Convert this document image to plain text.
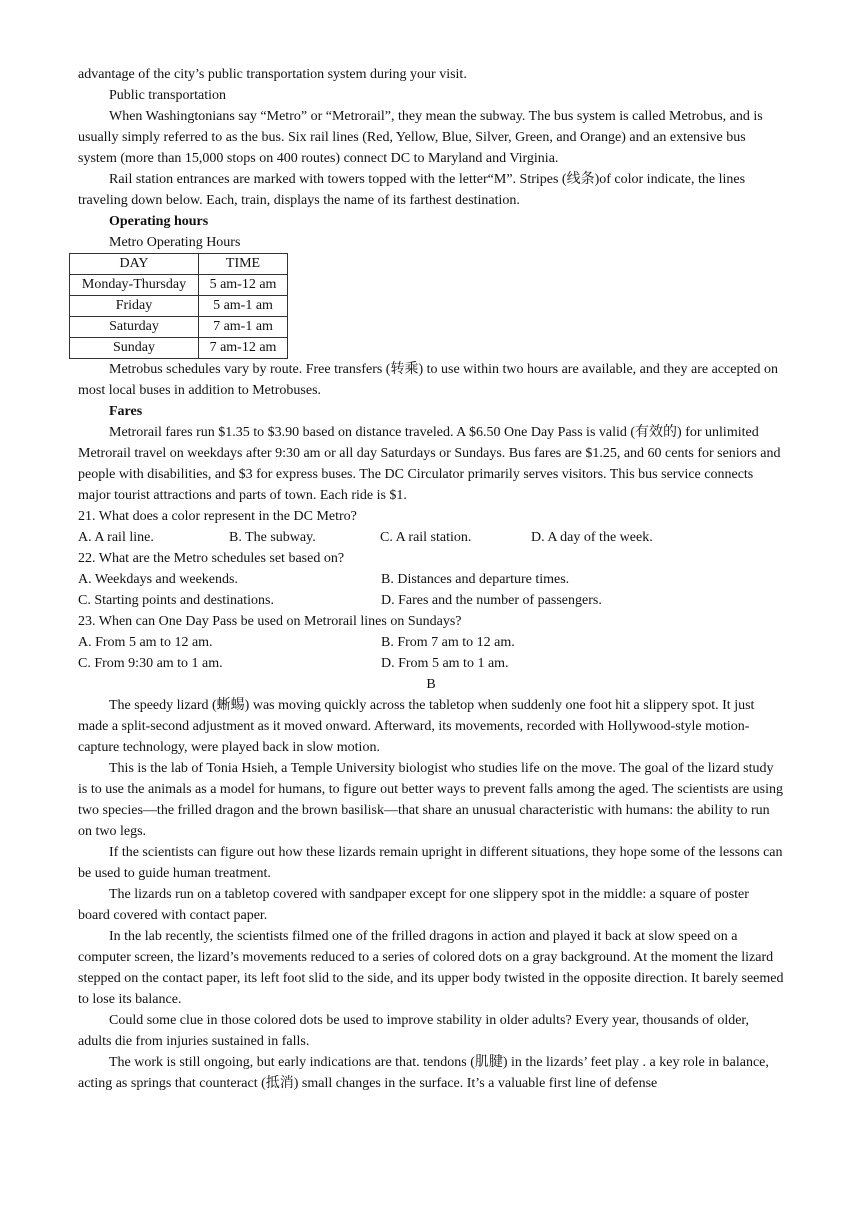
advantage of the city’s public transportation system during your visit.

Public transportation

When Washingtonians say “Metro” or “Metrorail”, they mean the subway. The bus system is called Metrobus, and is usually simply referred to as the bus. Six rail lines (Red, Yellow, Blue, Silver, Green, and Orange) and an extensive bus system (more than 15,000 stops on 400 routes) connect DC to Maryland and Virginia.

Rail station entrances are marked with towers topped with the letter“M”. Stripes (线条)of color indicate, the lines traveling down below. Each, train, displays the name of its farthest destination.

Operating hours

Metro Operating Hours

DAY	TIME
Monday-Thursday	5 am-12 am
Friday	5 am-1 am
Saturday	7 am-1 am
Sunday	7 am-12 am

Metrobus schedules vary by route. Free transfers (转乘) to use within two hours are available, and they are accepted on most local buses in addition to Metrobuses.

Fares

Metrorail fares run $1.35 to $3.90 based on distance traveled. A $6.50 One Day Pass is valid (有效的) for unlimited Metrorail travel on weekdays after 9:30 am or all day Saturdays or Sundays. Bus fares are $1.25, and 60 cents for seniors and people with disabilities, and $3 for express buses. The DC Circulator primarily serves visitors. This bus service connects major tourist attractions and parts of town. Each ride is $1.

21. What does a color represent in the DC Metro?

A. A rail line.	B. The subway.	C. A rail station.	D. A day of the week.

22. What are the Metro schedules set based on?

A. Weekdays and weekends.	B. Distances and departure times.
C. Starting points and destinations.	D. Fares and the number of passengers.

23. When can One Day Pass be used on Metrorail lines on Sundays?

A. From 5 am to 12 am.	B. From 7 am to 12 am.
C. From 9:30 am to 1 am.	D. From 5 am to 1 am.

B

The speedy lizard (蜥蜴) was moving quickly across the tabletop when suddenly one foot hit a slippery spot. It just made a split-second adjustment as it moved onward. Afterward, its movements, recorded with Hollywood-style motion-capture technology, were played back in slow motion.

This is the lab of Tonia Hsieh, a Temple University biologist who studies life on the move. The goal of the lizard study is to use the animals as a model for humans, to figure out better ways to prevent falls among the aged. The scientists are using two species—the frilled dragon and the brown basilisk—that share an unusual characteristic with humans: the ability to run on two legs.

If the scientists can figure out how these lizards remain upright in different situations, they hope some of the lessons can be used to guide human treatment.

The lizards run on a tabletop covered with sandpaper except for one slippery spot in the middle: a square of poster board covered with contact paper.

In the lab recently, the scientists filmed one of the frilled dragons in action and played it back at slow speed on a computer screen, the lizard’s movements reduced to a series of colored dots on a gray background. At the moment the lizard stepped on the contact paper, its left foot slid to the side, and its upper body twisted in the opposite direction. It barely seemed to lose its balance.

Could some clue in those colored dots be used to improve stability in older adults? Every year, thousands of older, adults die from injuries sustained in falls.

The work is still ongoing, but early indications are that. tendons (肌腱) in the lizards’ feet play . a key role in balance, acting as springs that counteract (抵消) small changes in the surface. It’s a valuable first line of defense
